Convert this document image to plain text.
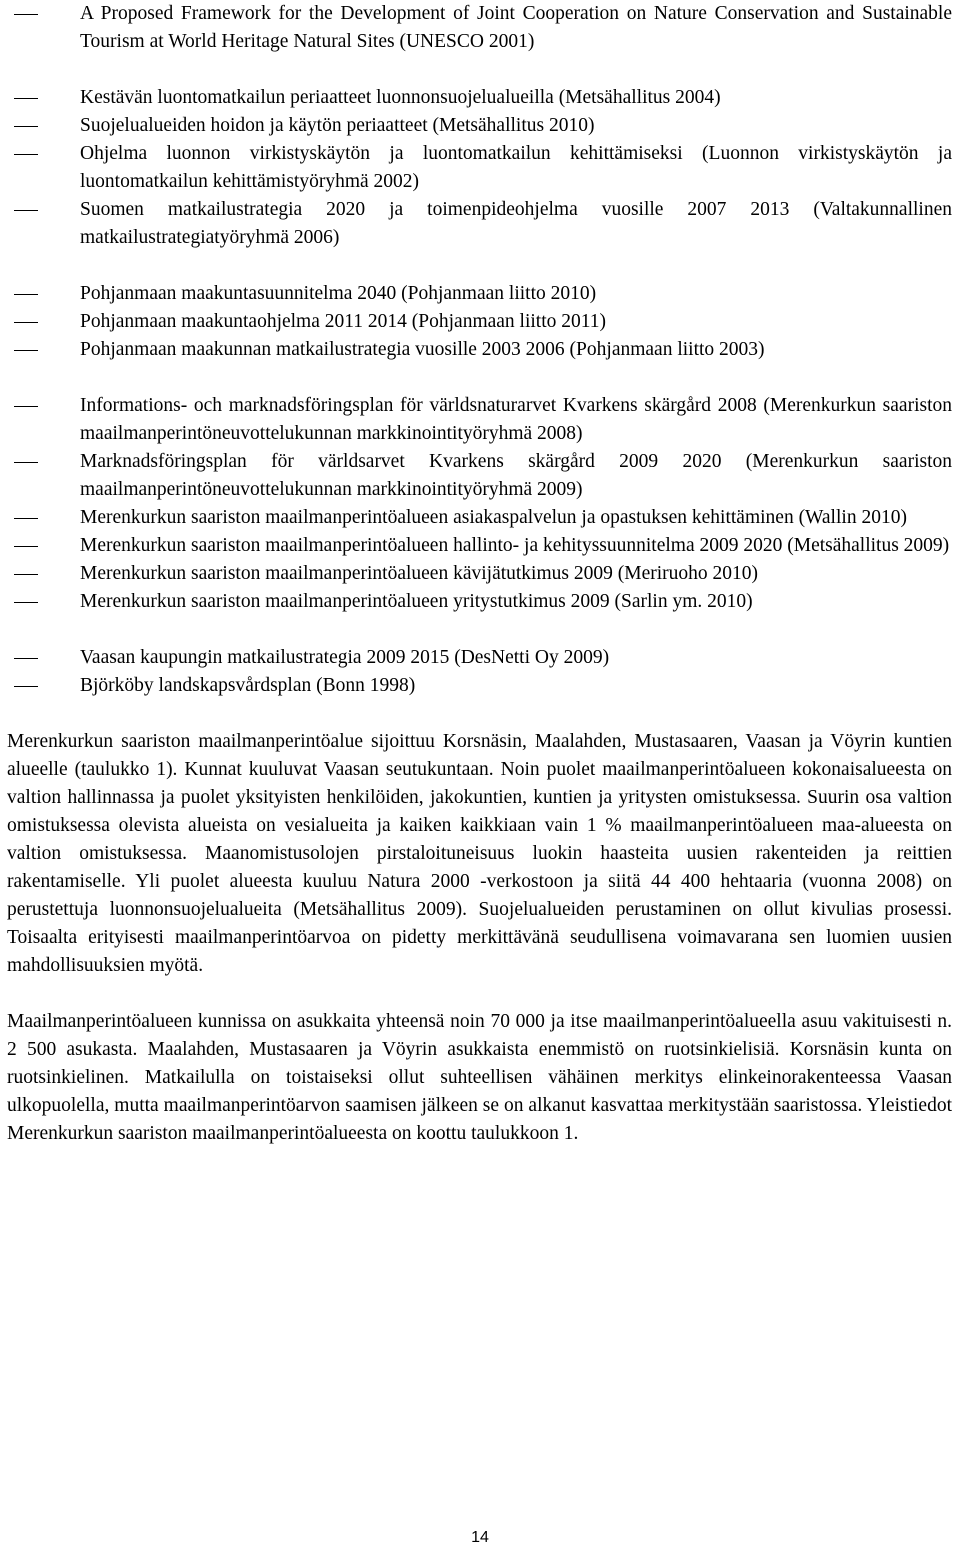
A Proposed Framework for the Development of Joint Cooperation on Nature Conservation and Sustainable Tourism at World Heritage Natural Sites (UNESCO 2001)
Kestävän luontomatkailun periaatteet luonnonsuojelualueilla (Metsähallitus 2004)
Suojelualueiden hoidon ja käytön periaatteet (Metsähallitus 2010)
Ohjelma luonnon virkistyskäytön ja luontomatkailun kehittämiseksi (Luonnon virkistyskäytön ja luontomatkailun kehittämistyöryhmä 2002)
Suomen matkailustrategia 2020 ja toimenpideohjelma vuosille 2007 2013 (Valtakunnallinen matkailustrategiatyöryhmä 2006)
Pohjanmaan maakuntasuunnitelma 2040 (Pohjanmaan liitto 2010)
Pohjanmaan maakuntaohjelma 2011 2014 (Pohjanmaan liitto 2011)
Pohjanmaan maakunnan matkailustrategia vuosille 2003 2006 (Pohjanmaan liitto 2003)
Informations- och marknadsföringsplan för världsnaturarvet Kvarkens skärgård 2008 (Merenkurkun saariston maailmanperintöneuvottelukunnan markkinointityöryhmä 2008)
Marknadsföringsplan för världsarvet Kvarkens skärgård 2009 2020 (Merenkurkun saariston maailmanperintöneuvottelukunnan markkinointityöryhmä 2009)
Merenkurkun saariston maailmanperintöalueen asiakaspalvelun ja opastuksen kehittäminen (Wallin 2010)
Merenkurkun saariston maailmanperintöalueen hallinto- ja kehityssuunnitelma 2009 2020 (Metsähallitus 2009)
Merenkurkun saariston maailmanperintöalueen kävijätutkimus 2009 (Meriruoho 2010)
Merenkurkun saariston maailmanperintöalueen yritystutkimus 2009 (Sarlin ym. 2010)
Vaasan kaupungin matkailustrategia 2009 2015 (DesNetti Oy 2009)
Björköby landskapsvårdsplan (Bonn 1998)

Merenkurkun saariston maailmanperintöalue sijoittuu Korsnäsin, Maalahden, Mustasaaren, Vaasan ja Vöyrin kuntien alueelle (taulukko 1). Kunnat kuuluvat Vaasan seutukuntaan. Noin puolet maailmanperintöalueen kokonaisalueesta on valtion hallinnassa ja puolet yksityisten henkilöiden, jakokuntien, kuntien ja yritysten omistuksessa. Suurin osa valtion omistuksessa olevista alueista on vesialueita ja kaiken kaikkiaan vain 1 % maailmanperintöalueen maa-alueesta on valtion omistuksessa. Maanomistusolojen pirstaloituneisuus luokin haasteita uusien rakenteiden ja reittien rakentamiselle. Yli puolet alueesta kuuluu Natura 2000 -verkostoon ja siitä 44 400 hehtaaria (vuonna 2008) on perustettuja luonnonsuojelualueita (Metsähallitus 2009). Suojelualueiden perustaminen on ollut kivulias prosessi. Toisaalta erityisesti maailmanperintöarvoa on pidetty merkittävänä seudullisena voimavarana sen luomien uusien mahdollisuuksien myötä.

Maailmanperintöalueen kunnissa on asukkaita yhteensä noin 70 000 ja itse maailmanperintöalueella asuu vakituisesti n. 2 500 asukasta. Maalahden, Mustasaaren ja Vöyrin asukkaista enemmistö on ruotsinkielisiä. Korsnäsin kunta on ruotsinkielinen. Matkailulla on toistaiseksi ollut suhteellisen vähäinen merkitys elinkeinorakenteessa Vaasan ulkopuolella, mutta maailmanperintöarvon saamisen jälkeen se on alkanut kasvattaa merkitystään saaristossa. Yleistiedot Merenkurkun saariston maailmanperintöalueesta on koottu taulukkoon 1.

14
